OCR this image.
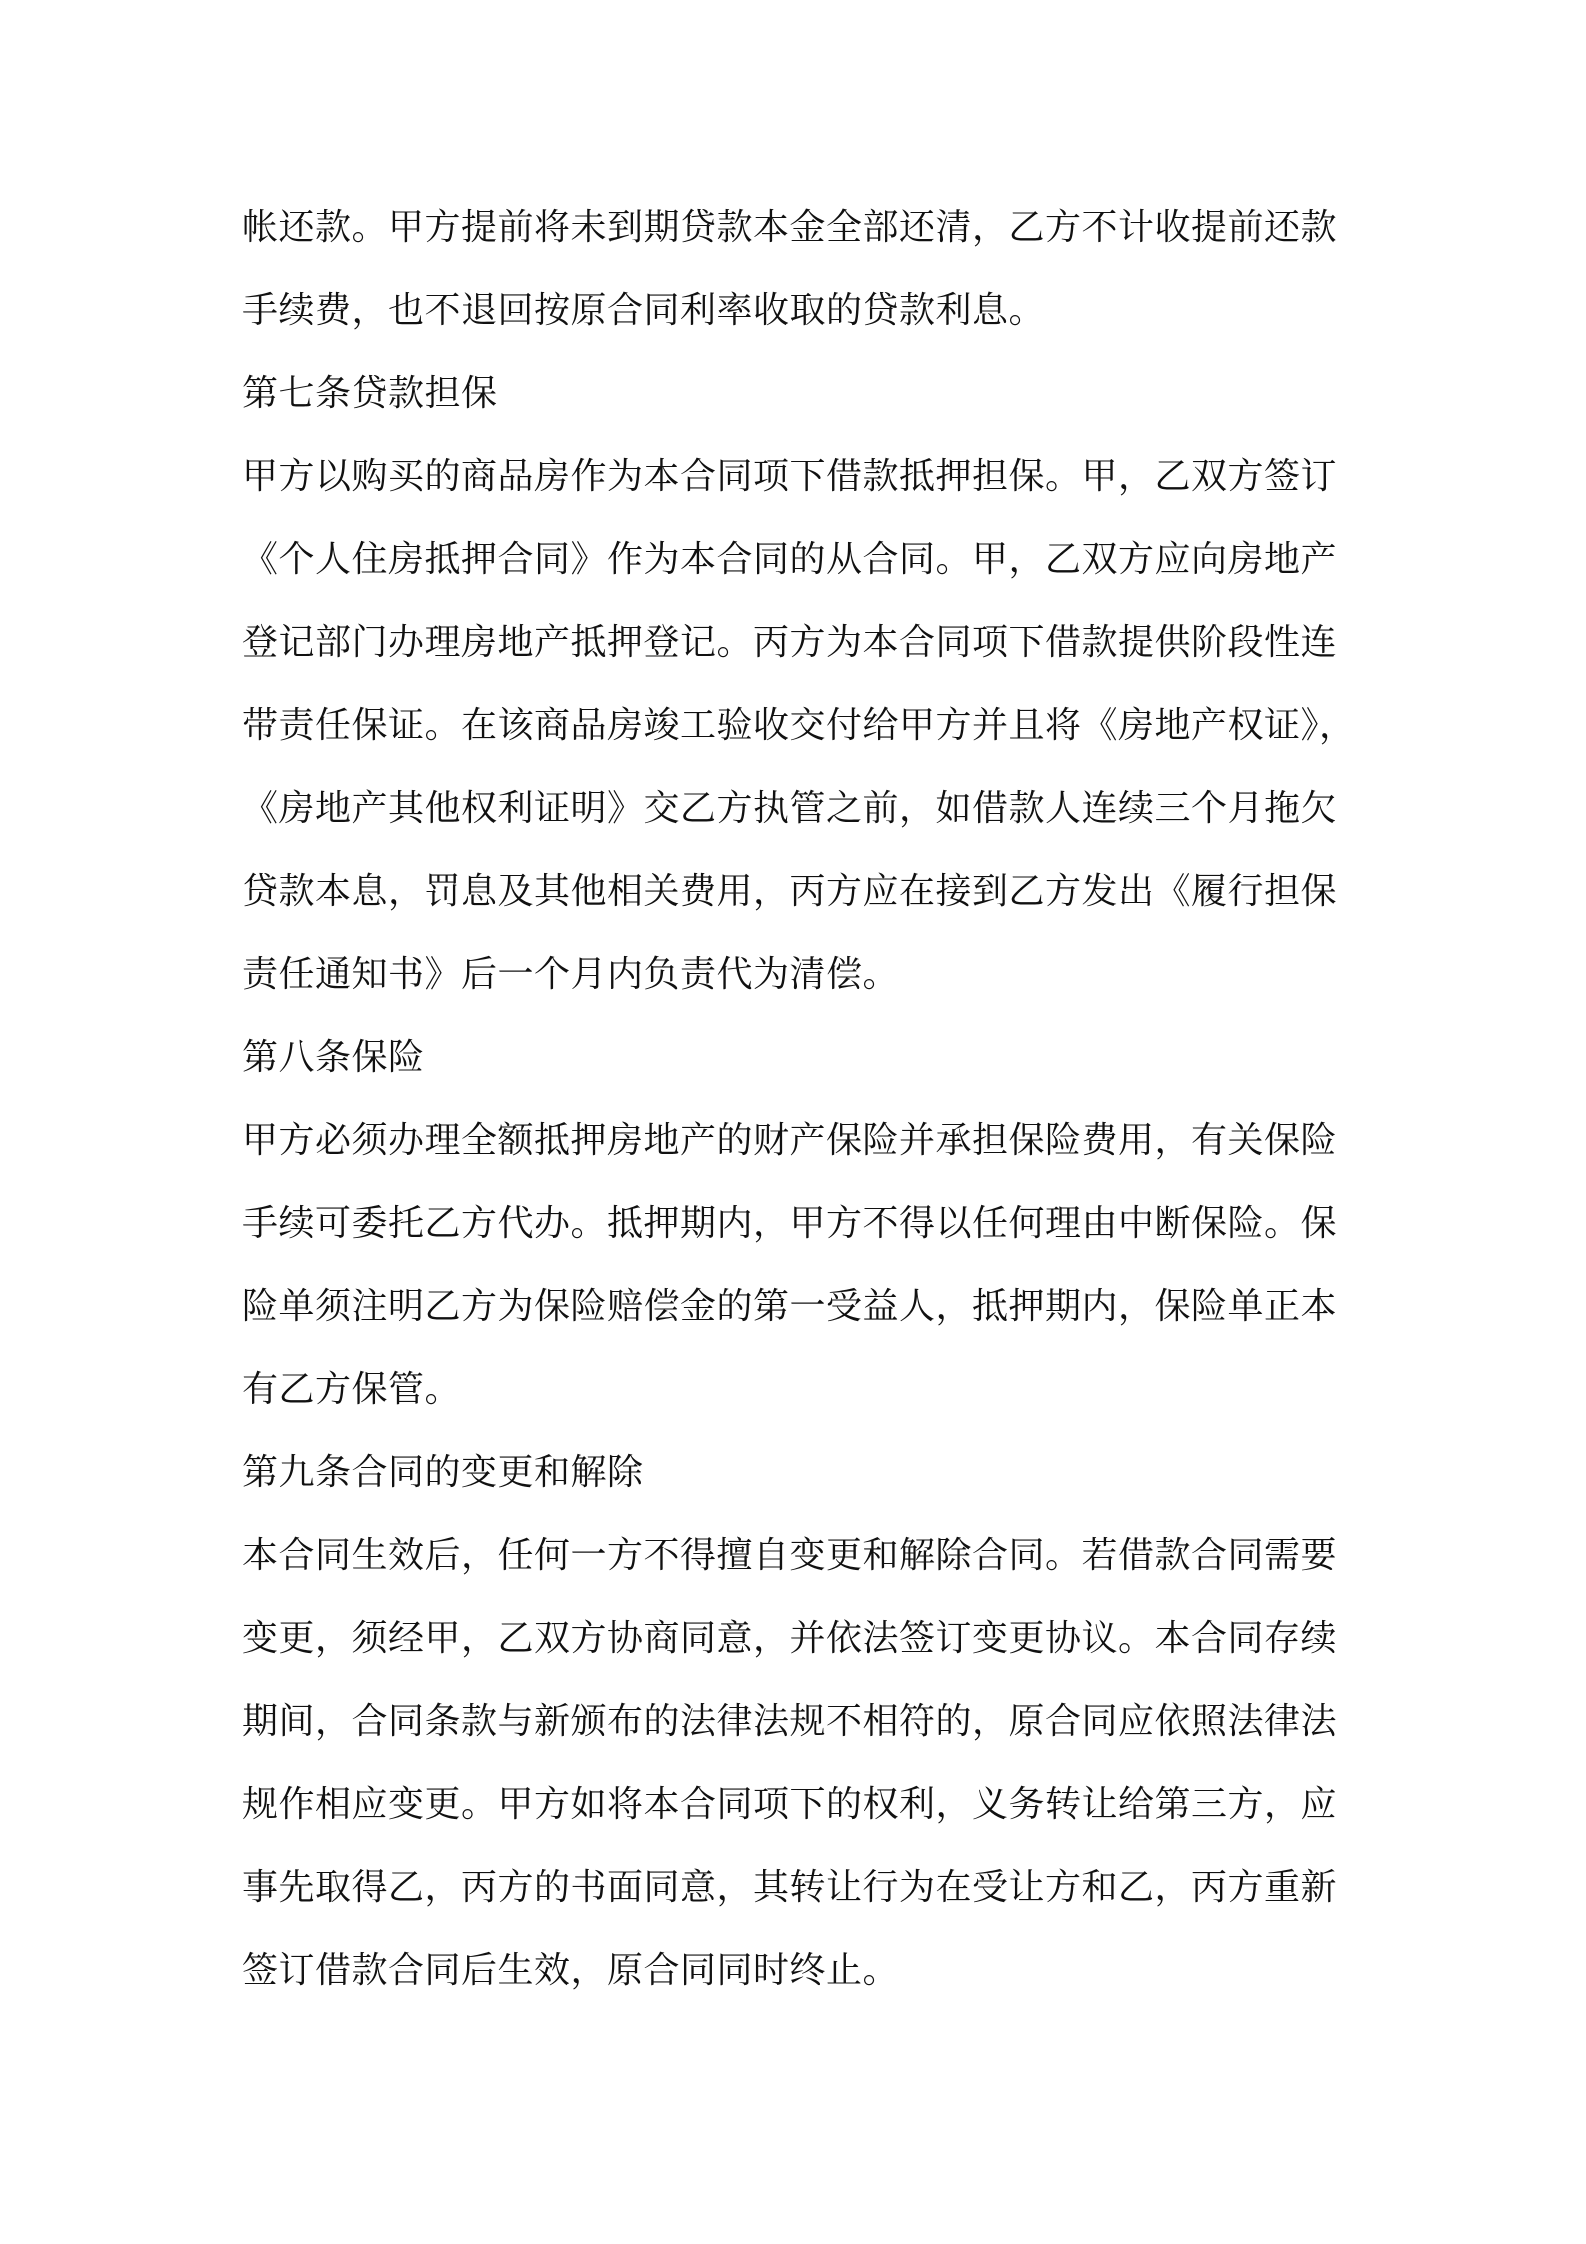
帐还款。甲方提前将未到期贷款本金全部还清，乙方不计收提前还款
手续费，也不退回按原合同利率收取的贷款利息。
第七条贷款担保
甲方以购买的商品房作为本合同项下借款抵押担保。甲，乙双方签订
《个人住房抵押合同》作为本合同的从合同。甲，乙双方应向房地产
登记部门办理房地产抵押登记。丙方为本合同项下借款提供阶段性连
带责任保证。在该商品房竣工验收交付给甲方并且将《房地产权证》，
《房地产其他权利证明》交乙方执管之前，如借款人连续三个月拖欠
贷款本息，罚息及其他相关费用，丙方应在接到乙方发出《履行担保
责任通知书》后一个月内负责代为清偿。
第八条保险
甲方必须办理全额抵押房地产的财产保险并承担保险费用，有关保险
手续可委托乙方代办。抵押期内，甲方不得以任何理由中断保险。保
险单须注明乙方为保险赔偿金的第一受益人，抵押期内，保险单正本
有乙方保管。
第九条合同的变更和解除
本合同生效后，任何一方不得擅自变更和解除合同。若借款合同需要
变更，须经甲，乙双方协商同意，并依法签订变更协议。本合同存续
期间，合同条款与新颁布的法律法规不相符的，原合同应依照法律法
规作相应变更。甲方如将本合同项下的权利，义务转让给第三方，应
事先取得乙，丙方的书面同意，其转让行为在受让方和乙，丙方重新
签订借款合同后生效，原合同同时终止。
